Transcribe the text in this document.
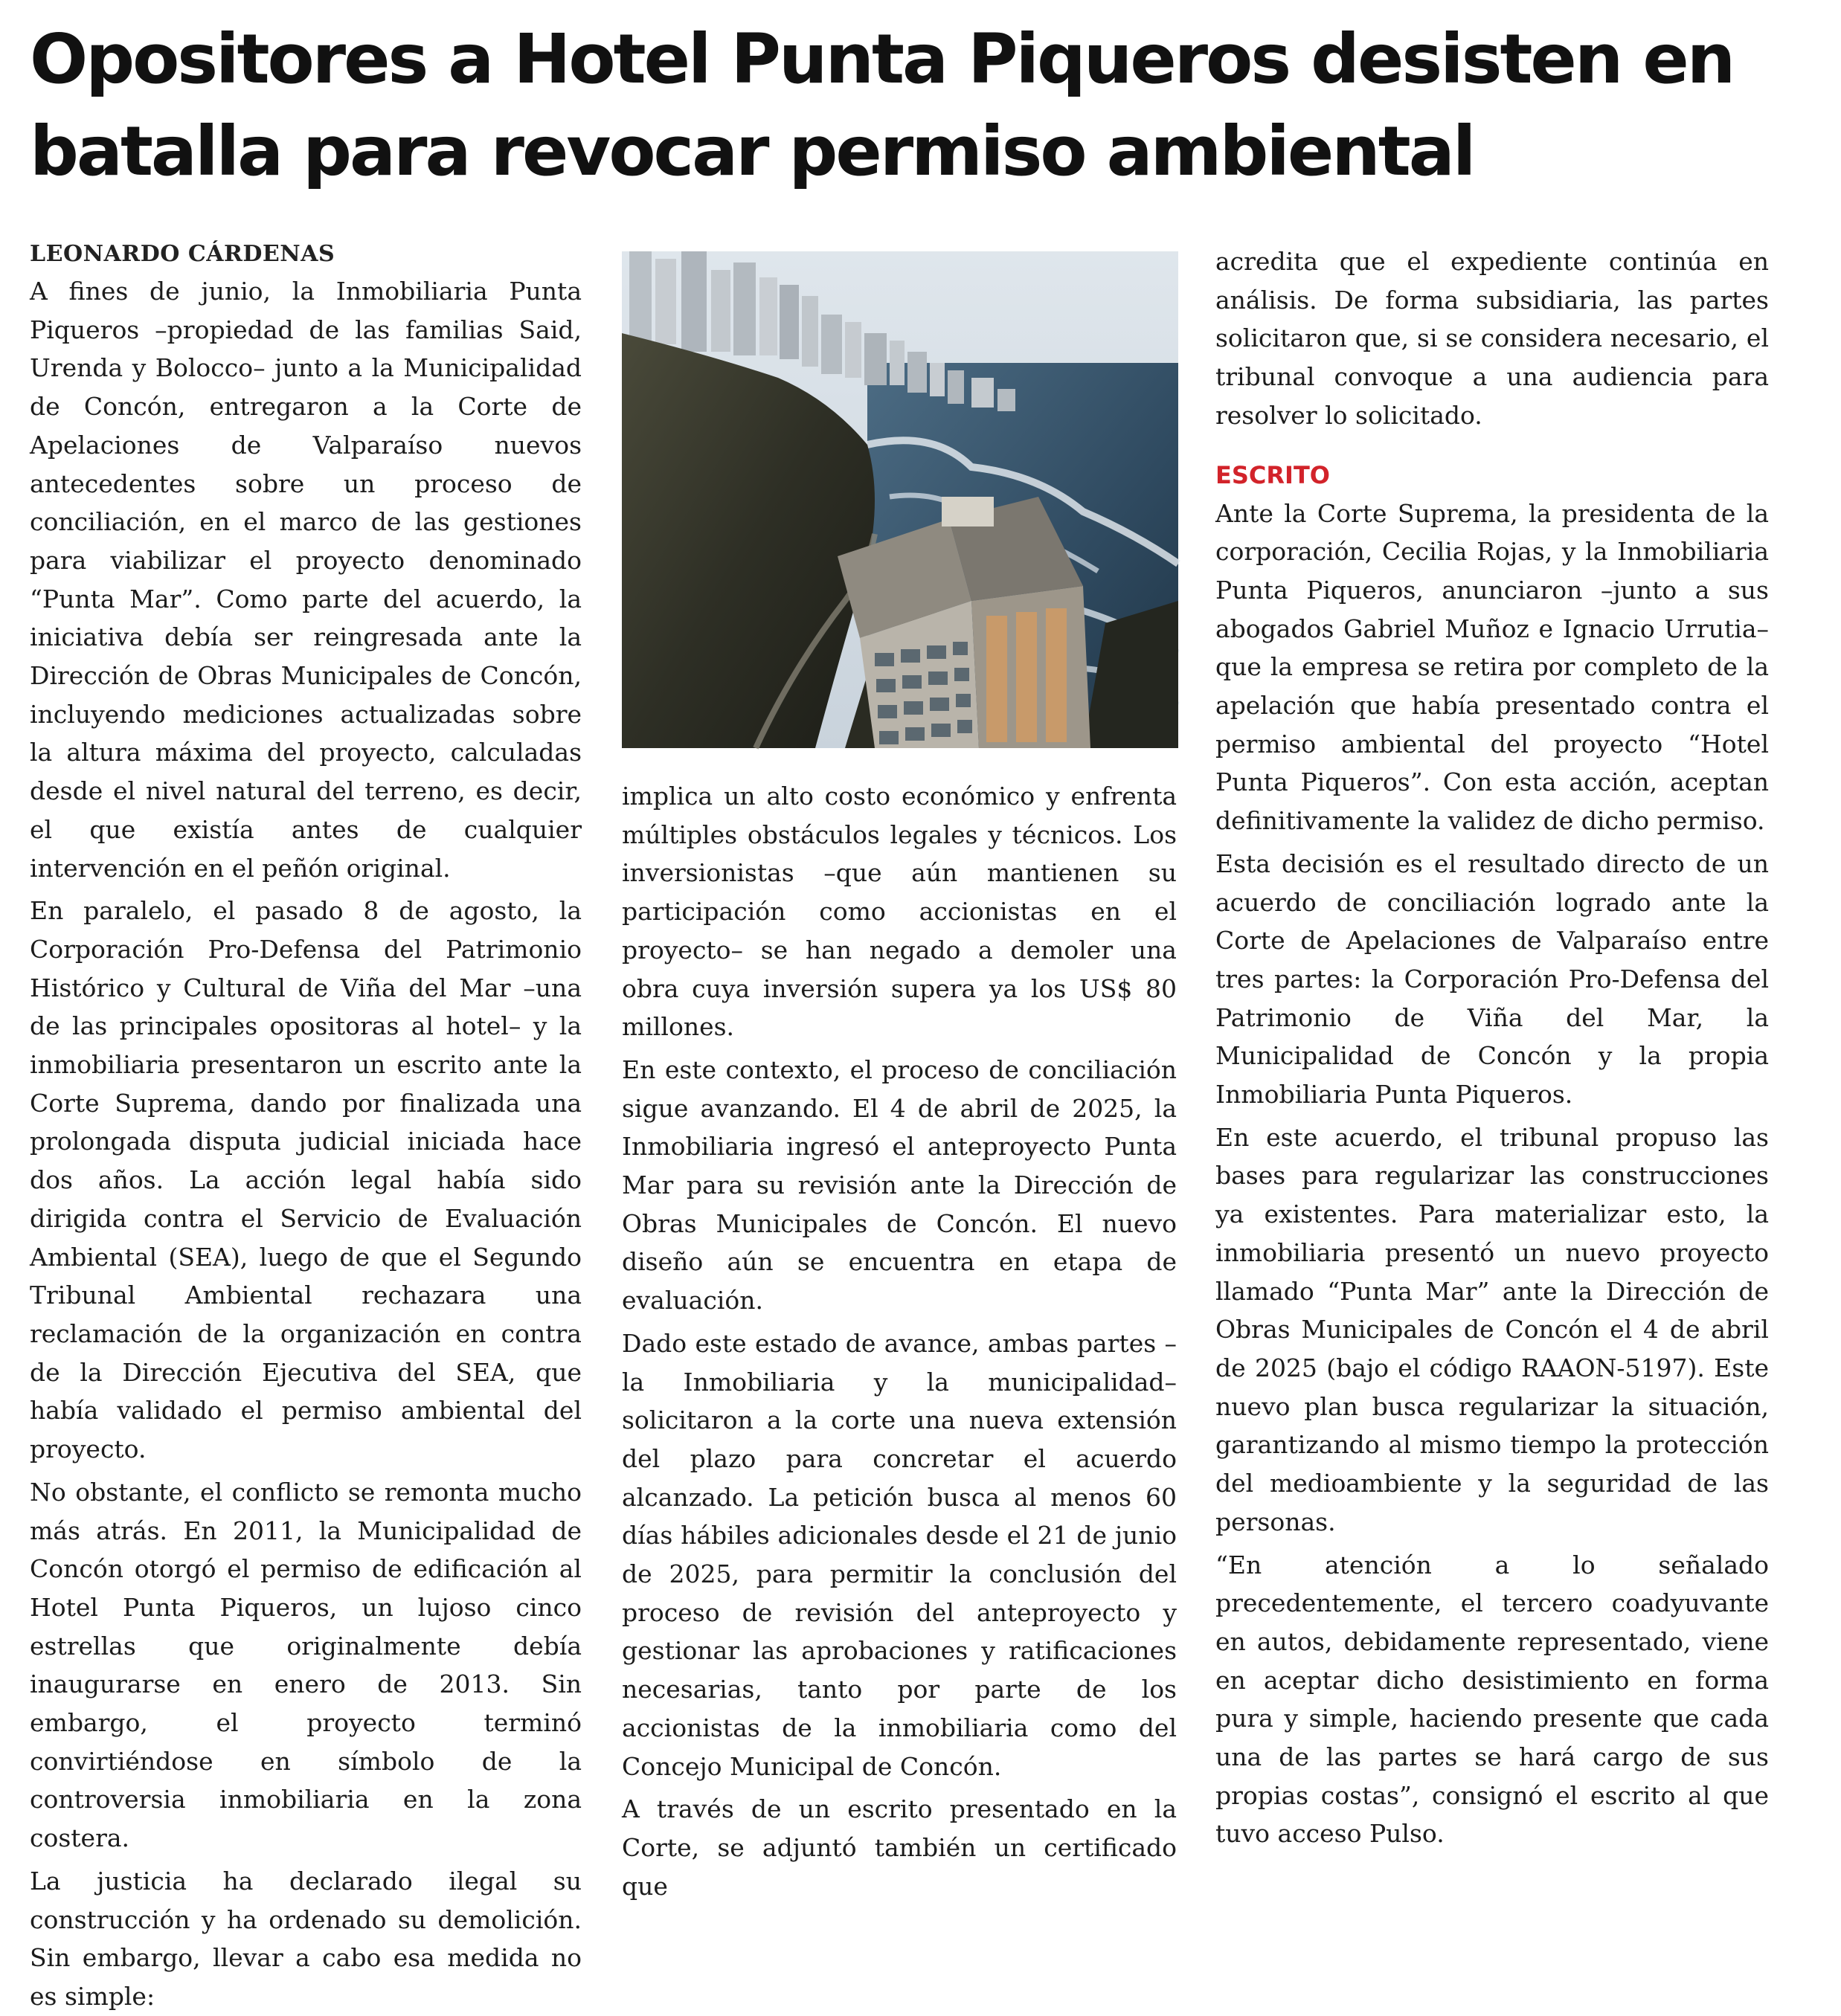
Opositores a Hotel Punta Piqueros desisten en batalla para revocar permiso ambiental
LEONARDO CÁRDENAS

A fines de junio, la Inmobiliaria Punta Piqueros –propiedad de las familias Said, Urenda y Bolocco– junto a la Municipalidad de Concón, entregaron a la Corte de Apelaciones de Valparaíso nuevos antecedentes sobre un proceso de conciliación, en el marco de las gestiones para viabilizar el proyecto denominado “Punta Mar”. Como parte del acuerdo, la iniciativa debía ser reingresada ante la Dirección de Obras Municipales de Concón, incluyendo mediciones actualizadas sobre la altura máxima del proyecto, calculadas desde el nivel natural del terreno, es decir, el que existía antes de cualquier intervención en el peñón original.

En paralelo, el pasado 8 de agosto, la Corporación Pro-Defensa del Patrimonio Histórico y Cultural de Viña del Mar –una de las principales opositoras al hotel– y la inmobiliaria presentaron un escrito ante la Corte Suprema, dando por finalizada una prolongada disputa judicial iniciada hace dos años. La acción legal había sido dirigida contra el Servicio de Evaluación Ambiental (SEA), luego de que el Segundo Tribunal Ambiental rechazara una reclamación de la organización en contra de la Dirección Ejecutiva del SEA, que había validado el permiso ambiental del proyecto.

No obstante, el conflicto se remonta mucho más atrás. En 2011, la Municipalidad de Concón otorgó el permiso de edificación al Hotel Punta Piqueros, un lujoso cinco estrellas que originalmente debía inaugurarse en enero de 2013. Sin embargo, el proyecto terminó convirtiéndose en símbolo de la controversia inmobiliaria en la zona costera.

La justicia ha declarado ilegal su construcción y ha ordenado su demolición. Sin embargo, llevar a cabo esa medida no es simple:

implica un alto costo económico y enfrenta múltiples obstáculos legales y técnicos. Los inversionistas –que aún mantienen su participación como accionistas en el proyecto– se han negado a demoler una obra cuya inversión supera ya los US$ 80 millones.

En este contexto, el proceso de conciliación sigue avanzando. El 4 de abril de 2025, la Inmobiliaria ingresó el anteproyecto Punta Mar para su revisión ante la Dirección de Obras Municipales de Concón. El nuevo diseño aún se encuentra en etapa de evaluación.

Dado este estado de avance, ambas partes –la Inmobiliaria y la municipalidad– solicitaron a la corte una nueva extensión del plazo para concretar el acuerdo alcanzado. La petición busca al menos 60 días hábiles adicionales desde el 21 de junio de 2025, para permitir la conclusión del proceso de revisión del anteproyecto y gestionar las aprobaciones y ratificaciones necesarias, tanto por parte de los accionistas de la inmobiliaria como del Concejo Municipal de Concón.

A través de un escrito presentado en la Corte, se adjuntó también un certificado que

acredita que el expediente continúa en análisis. De forma subsidiaria, las partes solicitaron que, si se considera necesario, el tribunal convoque a una audiencia para resolver lo solicitado.

ESCRITO

Ante la Corte Suprema, la presidenta de la corporación, Cecilia Rojas, y la Inmobiliaria Punta Piqueros, anunciaron –junto a sus abogados Gabriel Muñoz e Ignacio Urrutia– que la empresa se retira por completo de la apelación que había presentado contra el permiso ambiental del proyecto “Hotel Punta Piqueros”. Con esta acción, aceptan definitivamente la validez de dicho permiso.

Esta decisión es el resultado directo de un acuerdo de conciliación logrado ante la Corte de Apelaciones de Valparaíso entre tres partes: la Corporación Pro-Defensa del Patrimonio de Viña del Mar, la Municipalidad de Concón y la propia Inmobiliaria Punta Piqueros.

En este acuerdo, el tribunal propuso las bases para regularizar las construcciones ya existentes. Para materializar esto, la inmobiliaria presentó un nuevo proyecto llamado “Punta Mar” ante la Dirección de Obras Municipales de Concón el 4 de abril de 2025 (bajo el código RAAON-5197). Este nuevo plan busca regularizar la situación, garantizando al mismo tiempo la protección del medioambiente y la seguridad de las personas.

“En atención a lo señalado precedentemente, el tercero coadyuvante en autos, debidamente representado, viene en aceptar dicho desistimiento en forma pura y simple, haciendo presente que cada una de las partes se hará cargo de sus propias costas”, consignó el escrito al que tuvo acceso Pulso.
